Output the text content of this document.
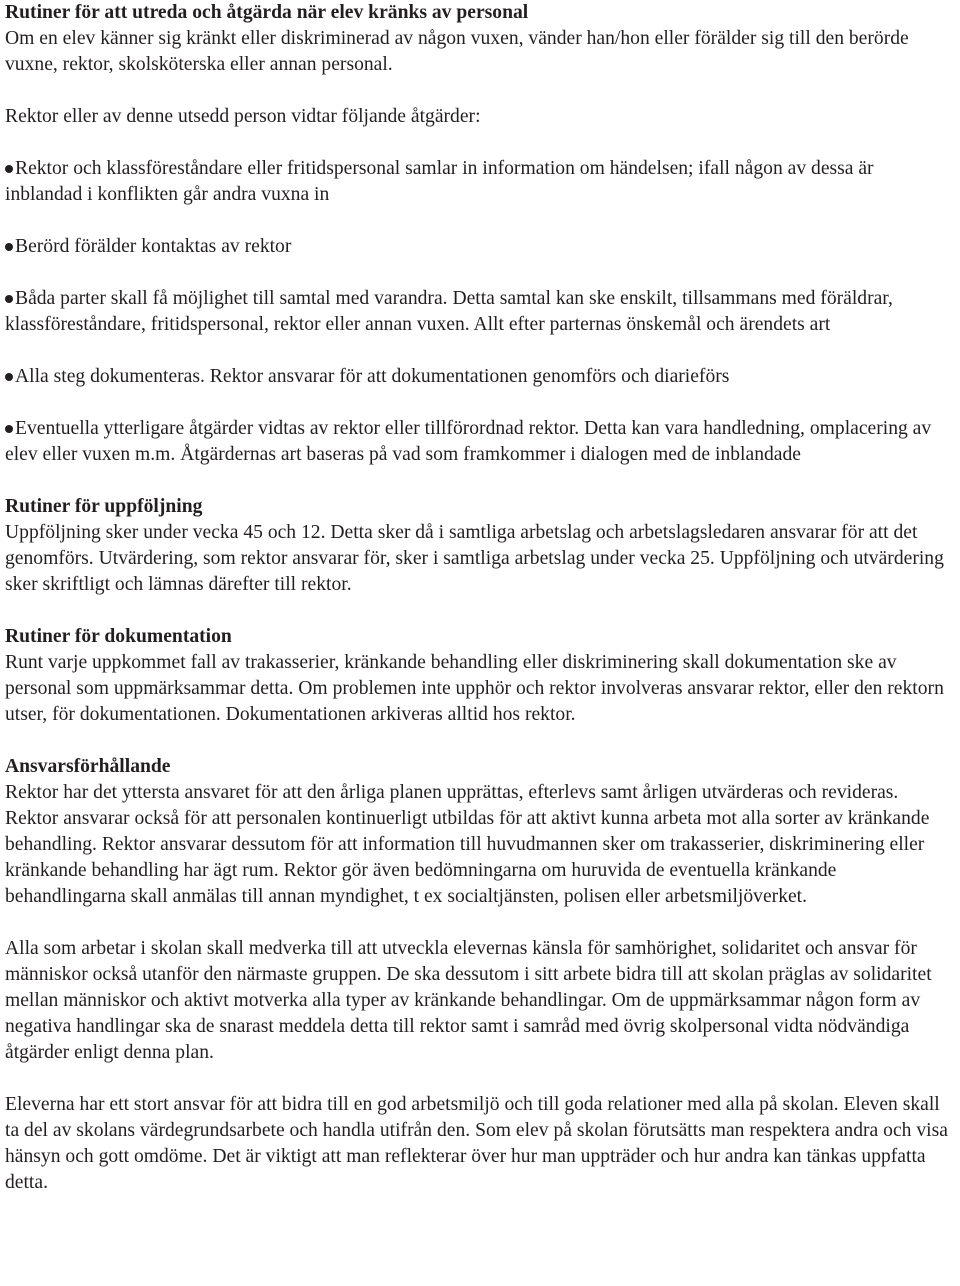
Rutiner för att utreda och åtgärda när elev kränks av personal

Om en elev känner sig kränkt eller diskriminerad av någon vuxen, vänder han/hon eller förälder sig till den berörde vuxne, rektor, skolsköterska eller annan personal.

Rektor eller av denne utsedd person vidtar följande åtgärder:

Rektor och klassföreståndare eller fritidspersonal samlar in information om händelsen; ifall någon av dessa är inblandad i konflikten går andra vuxna in

Berörd förälder kontaktas av rektor

Båda parter skall få möjlighet till samtal med varandra. Detta samtal kan ske enskilt, tillsammans med föräldrar, klassföreståndare, fritidspersonal, rektor eller annan vuxen. Allt efter parternas önskemål och ärendets art

Alla steg dokumenteras. Rektor ansvarar för att dokumentationen genomförs och diarieförs

Eventuella ytterligare åtgärder vidtas av rektor eller tillförordnad rektor. Detta kan vara handledning, omplacering av elev eller vuxen m.m. Åtgärdernas art baseras på vad som framkommer i dialogen med de inblandade

Rutiner för uppföljning

Uppföljning sker under vecka 45 och 12. Detta sker då i samtliga arbetslag och arbetslagsledaren ansvarar för att det genomförs. Utvärdering, som rektor ansvarar för, sker i samtliga arbetslag under vecka 25. Uppföljning och utvärdering sker skriftligt och lämnas därefter till rektor.

Rutiner för dokumentation

Runt varje uppkommet fall av trakasserier, kränkande behandling eller diskriminering skall dokumentation ske av personal som uppmärksammar detta. Om problemen inte upphör och rektor involveras ansvarar rektor, eller den rektorn utser, för dokumentationen. Dokumentationen arkiveras alltid hos rektor.

Ansvarsförhållande

Rektor har det yttersta ansvaret för att den årliga planen upprättas, efterlevs samt årligen utvärderas och revideras. Rektor ansvarar också för att personalen kontinuerligt utbildas för att aktivt kunna arbeta mot alla sorter av kränkande behandling. Rektor ansvarar dessutom för att information till huvudmannen sker om trakasserier, diskriminering eller kränkande behandling har ägt rum. Rektor gör även bedömningarna om huruvida de eventuella kränkande behandlingarna skall anmälas till annan myndighet, t ex socialtjänsten, polisen eller arbetsmiljöverket.

Alla som arbetar i skolan skall medverka till att utveckla elevernas känsla för samhörighet, solidaritet och ansvar för människor också utanför den närmaste gruppen. De ska dessutom i sitt arbete bidra till att skolan präglas av solidaritet mellan människor och aktivt motverka alla typer av kränkande behandlingar. Om de uppmärksammar någon form av negativa handlingar ska de snarast meddela detta till rektor samt i samråd med övrig skolpersonal vidta nödvändiga åtgärder enligt denna plan.

Eleverna har ett stort ansvar för att bidra till en god arbetsmiljö och till goda relationer med alla på skolan. Eleven skall ta del av skolans värdegrundsarbete och handla utifrån den. Som elev på skolan förutsätts man respektera andra och visa hänsyn och gott omdöme. Det är viktigt att man reflekterar över hur man uppträder och hur andra kan tänkas uppfatta detta.
